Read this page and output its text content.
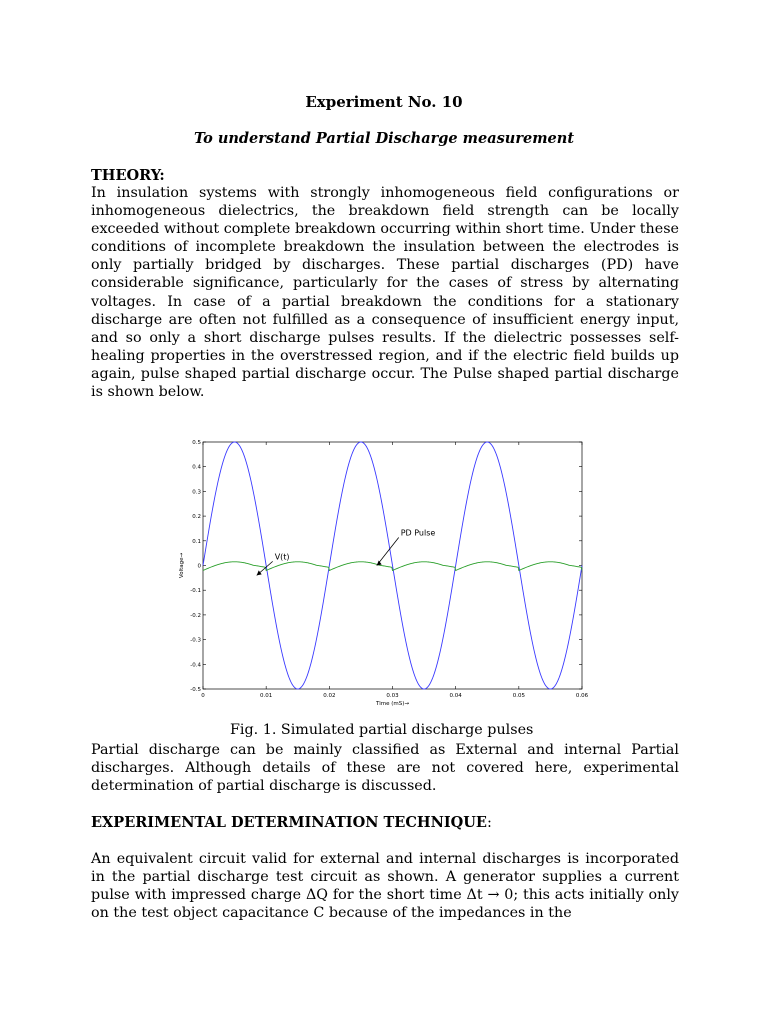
Experiment No. 10
To understand Partial Discharge measurement
THEORY:
In insulation systems with strongly inhomogeneous field configurations or inhomogeneous dielectrics, the breakdown field strength can be locally exceeded without complete breakdown occurring within short time. Under these conditions of incomplete breakdown the insulation between the electrodes is only partially bridged by discharges. These partial discharges (PD) have considerable significance, particularly for the cases of stress by alternating voltages. In case of a partial breakdown the conditions for a stationary discharge are often not fulfilled as a consequence of insufficient energy input, and so only a short discharge pulses results. If the dielectric possesses self-healing properties in the overstressed region, and if the electric field builds up again, pulse shaped partial discharge occur. The Pulse shaped partial discharge is shown below.
0	0.01	0.02	0.03	0.04	0.05	0.06
0.5
0.4
0.3
0.2
0.1
0
-0.1
-0.2
-0.3
-0.4
-0.5
Time (mS)→
Voltage→	V(t)
PD Pulse
Fig. 1. Simulated partial discharge pulses
Partial discharge can be mainly classified as External and internal Partial discharges. Although details of these are not covered here, experimental determination of partial discharge is discussed.
EXPERIMENTAL DETERMINATION TECHNIQUE:
An equivalent circuit valid for external and internal discharges is incorporated in the partial discharge test circuit as shown. A generator supplies a current pulse with impressed charge ΔQ for the short time Δt → 0; this acts initially only on the test object capacitance C because of the impedances in the
